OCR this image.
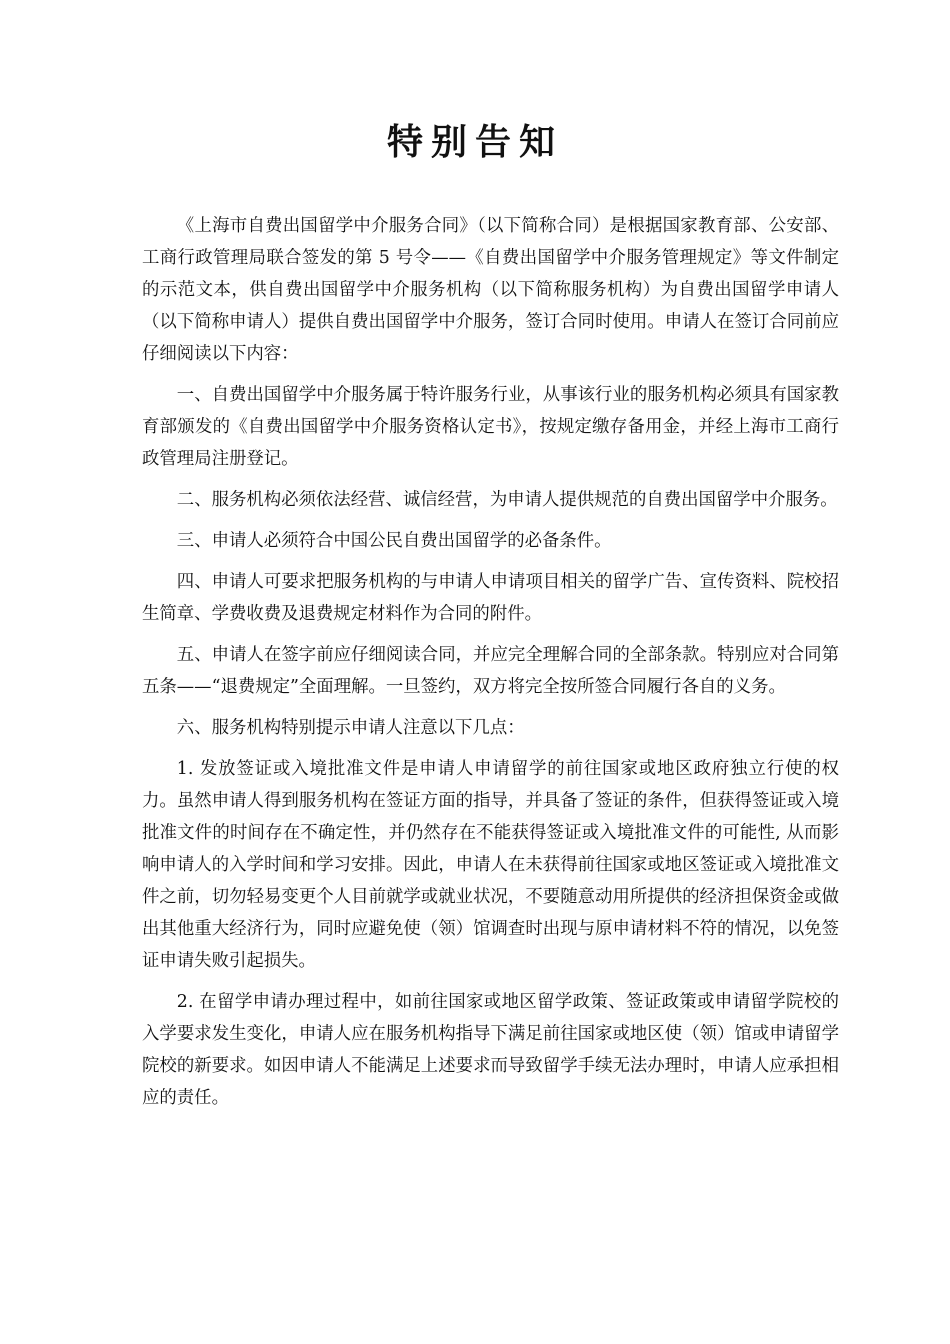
特别告知

《上海市自费出国留学中介服务合同》（以下简称合同）是根据国家教育部、公安部、工商行政管理局联合签发的第 5 号令——《自费出国留学中介服务管理规定》等文件制定的示范文本，供自费出国留学中介服务机构（以下简称服务机构）为自费出国留学申请人（以下简称申请人）提供自费出国留学中介服务，签订合同时使用。申请人在签订合同前应仔细阅读以下内容：

一、自费出国留学中介服务属于特许服务行业，从事该行业的服务机构必须具有国家教育部颁发的《自费出国留学中介服务资格认定书》，按规定缴存备用金，并经上海市工商行政管理局注册登记。

二、服务机构必须依法经营、诚信经营，为申请人提供规范的自费出国留学中介服务。

三、申请人必须符合中国公民自费出国留学的必备条件。

四、申请人可要求把服务机构的与申请人申请项目相关的留学广告、宣传资料、院校招生简章、学费收费及退费规定材料作为合同的附件。

五、申请人在签字前应仔细阅读合同，并应完全理解合同的全部条款。特别应对合同第五条——“退费规定”全面理解。一旦签约，双方将完全按所签合同履行各自的义务。

六、服务机构特别提示申请人注意以下几点：

1. 发放签证或入境批准文件是申请人申请留学的前往国家或地区政府独立行使的权力。虽然申请人得到服务机构在签证方面的指导，并具备了签证的条件，但获得签证或入境批准文件的时间存在不确定性，并仍然存在不能获得签证或入境批准文件的可能性, 从而影响申请人的入学时间和学习安排。因此，申请人在未获得前往国家或地区签证或入境批准文件之前，切勿轻易变更个人目前就学或就业状况，不要随意动用所提供的经济担保资金或做出其他重大经济行为，同时应避免使（领）馆调查时出现与原申请材料不符的情况，以免签证申请失败引起损失。

2. 在留学申请办理过程中，如前往国家或地区留学政策、签证政策或申请留学院校的入学要求发生变化，申请人应在服务机构指导下满足前往国家或地区使（领）馆或申请留学院校的新要求。如因申请人不能满足上述要求而导致留学手续无法办理时，申请人应承担相应的责任。
